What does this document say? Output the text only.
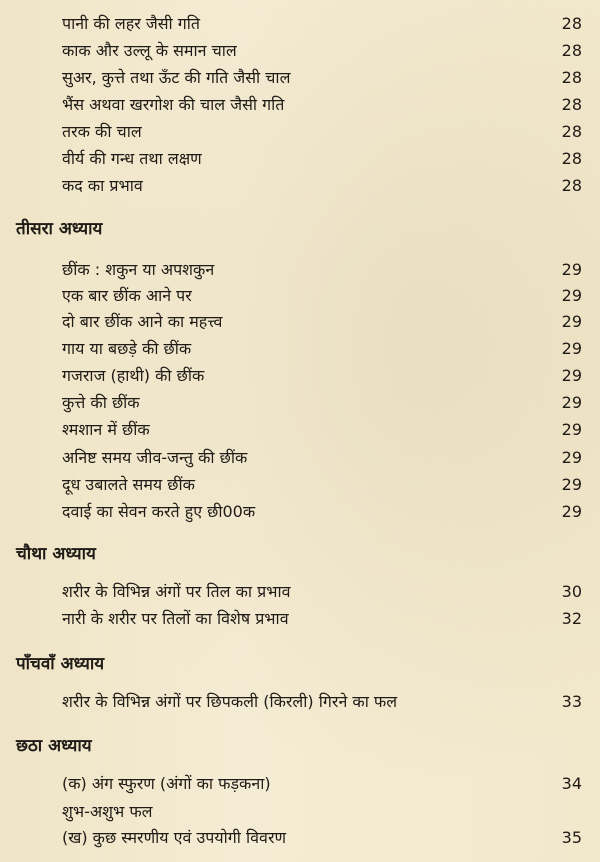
पानी की लहर जैसी गति	28
काक और उल्लू के समान चाल	28
सुअर, कुत्ते तथा ऊँट की गति जैसी चाल	28
भैंस अथवा खरगोश की चाल जैसी गति	28
तरक की चाल	28
वीर्य की गन्ध तथा लक्षण	28
कद का प्रभाव	28
तीसरा अध्याय
छींक : शकुन या अपशकुन	29
एक बार छींक आने पर	29
दो बार छींक आने का महत्त्व	29
गाय या बछड़े की छींक	29
गजराज (हाथी) की छींक	29
कुत्ते की छींक	29
श्मशान में छींक	29
अनिष्ट समय जीव-जन्तु की छींक	29
दूध उबालते समय छींक	29
दवाई का सेवन करते हुए छी00क	29
चौथा अध्याय
शरीर के विभिन्न अंगों पर तिल का प्रभाव	30
नारी के शरीर पर तिलों का विशेष प्रभाव	32
पाँचवाँ अध्याय
शरीर के विभिन्न अंगों पर छिपकली (किरली) गिरने का फल	33
छठा अध्याय
(क) अंग स्फुरण (अंगों का फड़कना)	34
शुभ-अशुभ फल
(ख) कुछ स्मरणीय एवं उपयोगी विवरण	35
